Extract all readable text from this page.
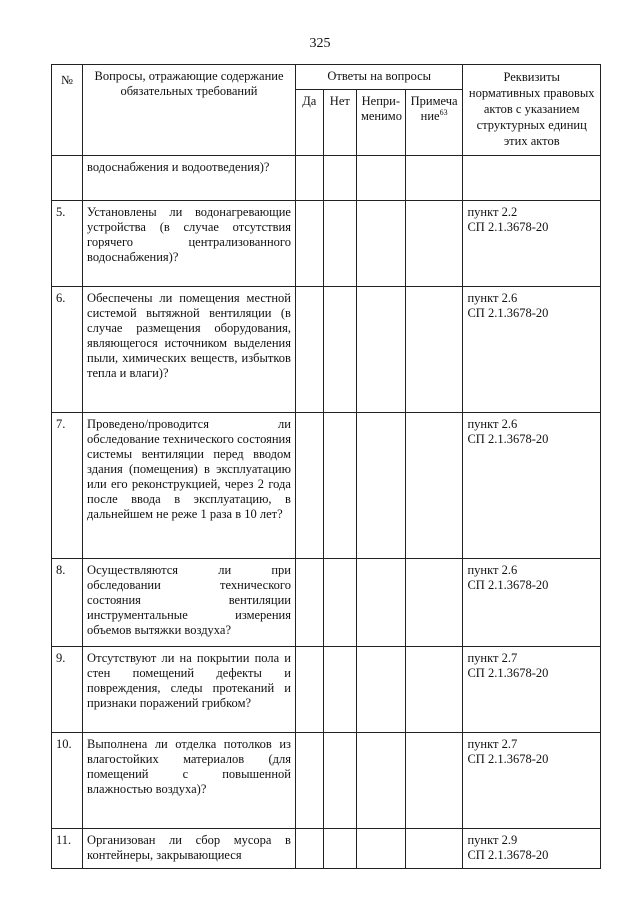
325
№	Вопросы, отражающие содержание обязательных требований	Ответы на вопросы				Реквизиты нормативных правовых актов с указанием структурных единиц этих актов
		Да	Нет	Непри-менимо	Примеча ние$^{63}$
	водоснабжения и водоотведения)?					

5.	Установлены ли водонагревающие устройства (в случае отсутствия горячего централизованного водоснабжения)?					пункт 2.2
СП 2.1.3678-20

6.	Обеспечены ли помещения местной системой вытяжной вентиляции (в случае размещения оборудования, являющегося источником выделения пыли, химических веществ, избытков тепла и влаги)?					пункт 2.6
СП 2.1.3678-20

7.	Проведено/проводится ли обследование технического состояния системы вентиляции перед вводом здания (помещения) в эксплуатацию или его реконструкцией, через 2 года после ввода в эксплуатацию, в дальнейшем не реже 1 раза в 10 лет?					пункт 2.6
СП 2.1.3678-20

8.	Осуществляются ли при обследовании технического состояния вентиляции инструментальные измерения объемов вытяжки воздуха?					пункт 2.6
СП 2.1.3678-20

9.	Отсутствуют ли на покрытии пола и стен помещений дефекты и повреждения, следы протеканий и признаки поражений грибком?					пункт 2.7
СП 2.1.3678-20

10.	Выполнена ли отделка потолков из влагостойких материалов (для помещений с повышенной влажностью воздуха)?					пункт 2.7
СП 2.1.3678-20

11.	Организован ли сбор мусора в контейнеры, закрывающиеся					пункт 2.9
СП 2.1.3678-20
